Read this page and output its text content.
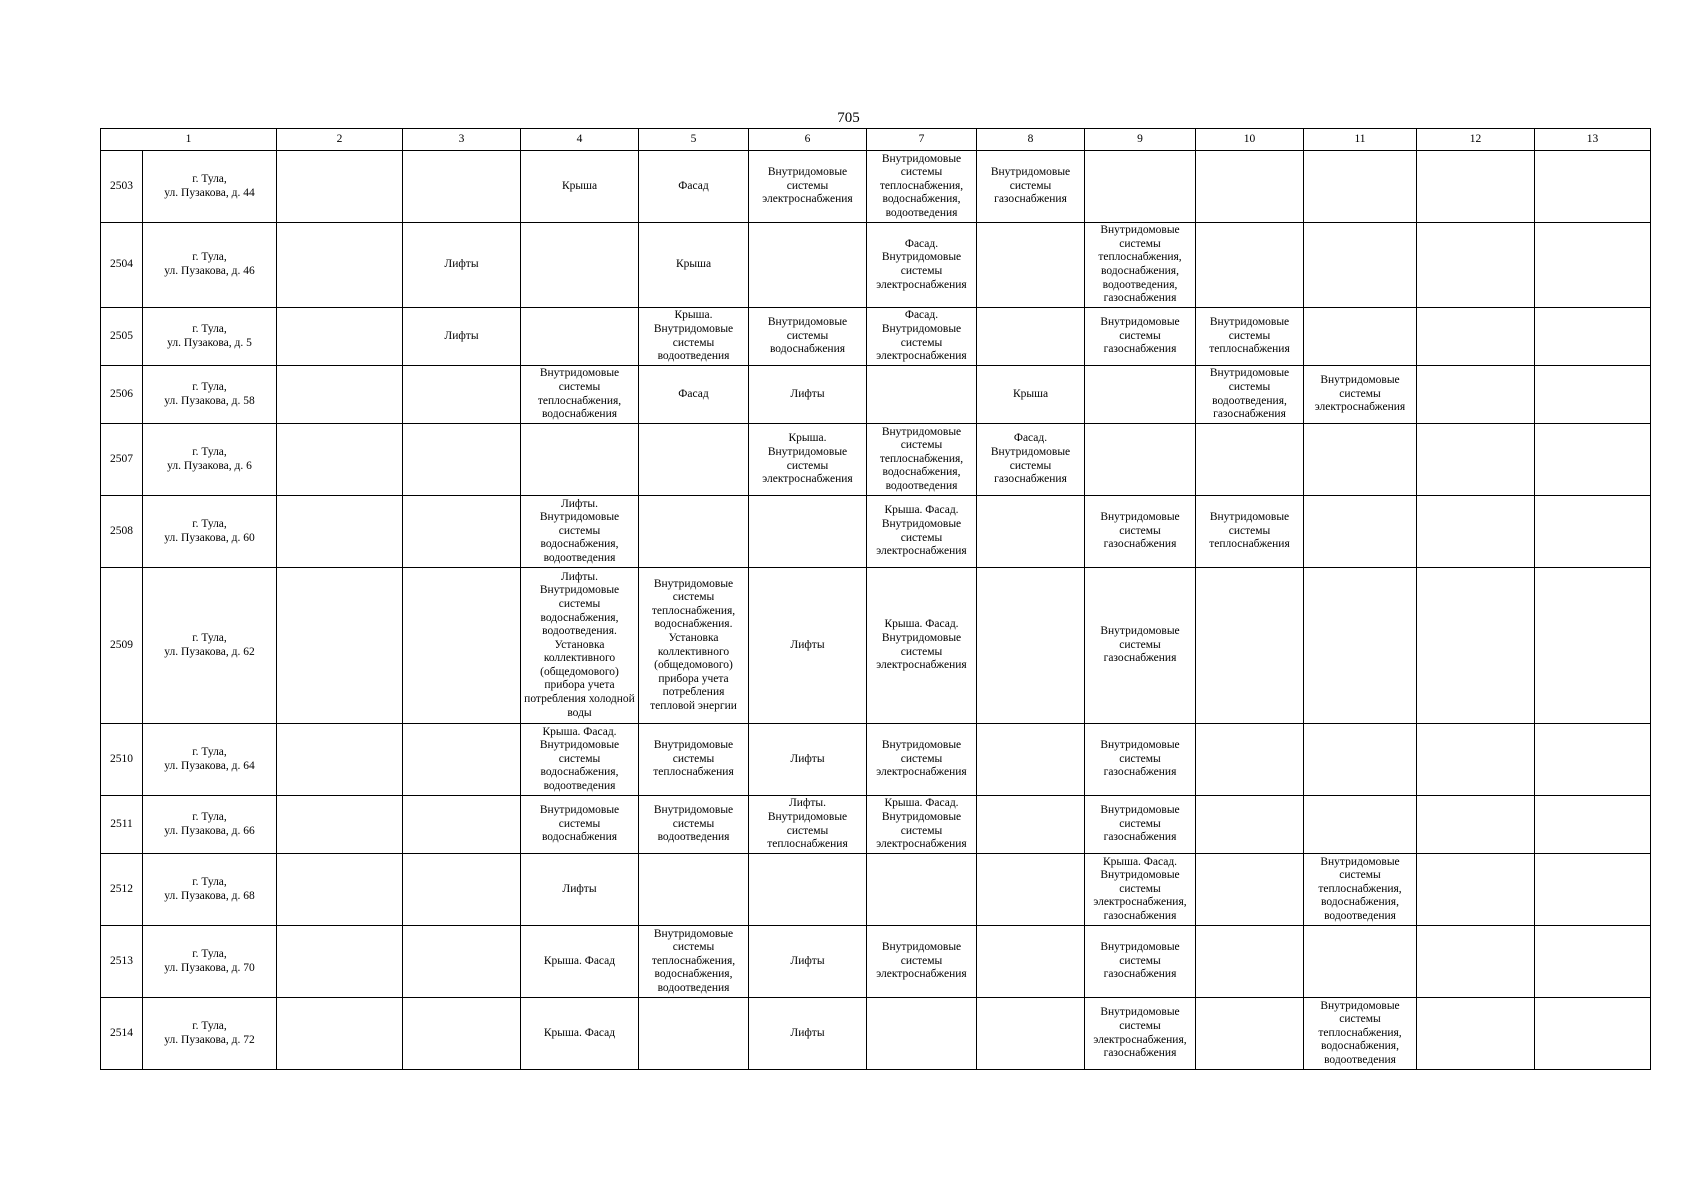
705
1		2	3	4	5	6	7	8	9	10	11	12	13
2503	г. Тула,
ул. Пузакова, д. 44			Крыша	Фасад	Внутридомовые системы электроснабжения	Внутридомовые системы теплоснабжения, водоснабжения, водоотведения	Внутридомовые системы газоснабжения					
2504	г. Тула,
ул. Пузакова, д. 46		Лифты		Крыша		Фасад. Внутридомовые системы электроснабжения		Внутридомовые системы теплоснабжения, водоснабжения, водоотведения, газоснабжения				
2505	г. Тула,
ул. Пузакова, д. 5		Лифты		Крыша. Внутридомовые системы водоотведения	Внутридомовые системы водоснабжения	Фасад. Внутридомовые системы электроснабжения		Внутридомовые системы газоснабжения	Внутридомовые системы теплоснабжения			
2506	г. Тула,
ул. Пузакова, д. 58			Внутридомовые системы теплоснабжения, водоснабжения	Фасад	Лифты		Крыша		Внутридомовые системы водоотведения, газоснабжения	Внутридомовые системы электроснабжения		
2507	г. Тула,
ул. Пузакова, д. 6					Крыша. Внутридомовые системы электроснабжения	Внутридомовые системы теплоснабжения, водоснабжения, водоотведения	Фасад. Внутридомовые системы газоснабжения					
2508	г. Тула,
ул. Пузакова, д. 60			Лифты. Внутридомовые системы водоснабжения, водоотведения			Крыша. Фасад. Внутридомовые системы электроснабжения		Внутридомовые системы газоснабжения	Внутридомовые системы теплоснабжения			
2509	г. Тула,
ул. Пузакова, д. 62			Лифты. Внутридомовые системы водоснабжения, водоотведения. Установка коллективного (общедомового) прибора учета потребления холодной воды	Внутридомовые системы теплоснабжения, водоснабжения. Установка коллективного (общедомового) прибора учета потребления тепловой энергии	Лифты	Крыша. Фасад. Внутридомовые системы электроснабжения		Внутридомовые системы газоснабжения				
2510	г. Тула,
ул. Пузакова, д. 64			Крыша. Фасад. Внутридомовые системы водоснабжения, водоотведения	Внутридомовые системы теплоснабжения	Лифты	Внутридомовые системы электроснабжения		Внутридомовые системы газоснабжения				
2511	г. Тула,
ул. Пузакова, д. 66			Внутридомовые системы водоснабжения	Внутридомовые системы водоотведения	Лифты. Внутридомовые системы теплоснабжения	Крыша. Фасад. Внутридомовые системы электроснабжения		Внутридомовые системы газоснабжения				
2512	г. Тула,
ул. Пузакова, д. 68			Лифты					Крыша. Фасад. Внутридомовые системы электроснабжения, газоснабжения		Внутридомовые системы теплоснабжения, водоснабжения, водоотведения		
2513	г. Тула,
ул. Пузакова, д. 70			Крыша. Фасад	Внутридомовые системы теплоснабжения, водоснабжения, водоотведения	Лифты	Внутридомовые системы электроснабжения		Внутридомовые системы газоснабжения				
2514	г. Тула,
ул. Пузакова, д. 72			Крыша. Фасад		Лифты			Внутридомовые системы электроснабжения, газоснабжения		Внутридомовые системы теплоснабжения, водоснабжения, водоотведения		
